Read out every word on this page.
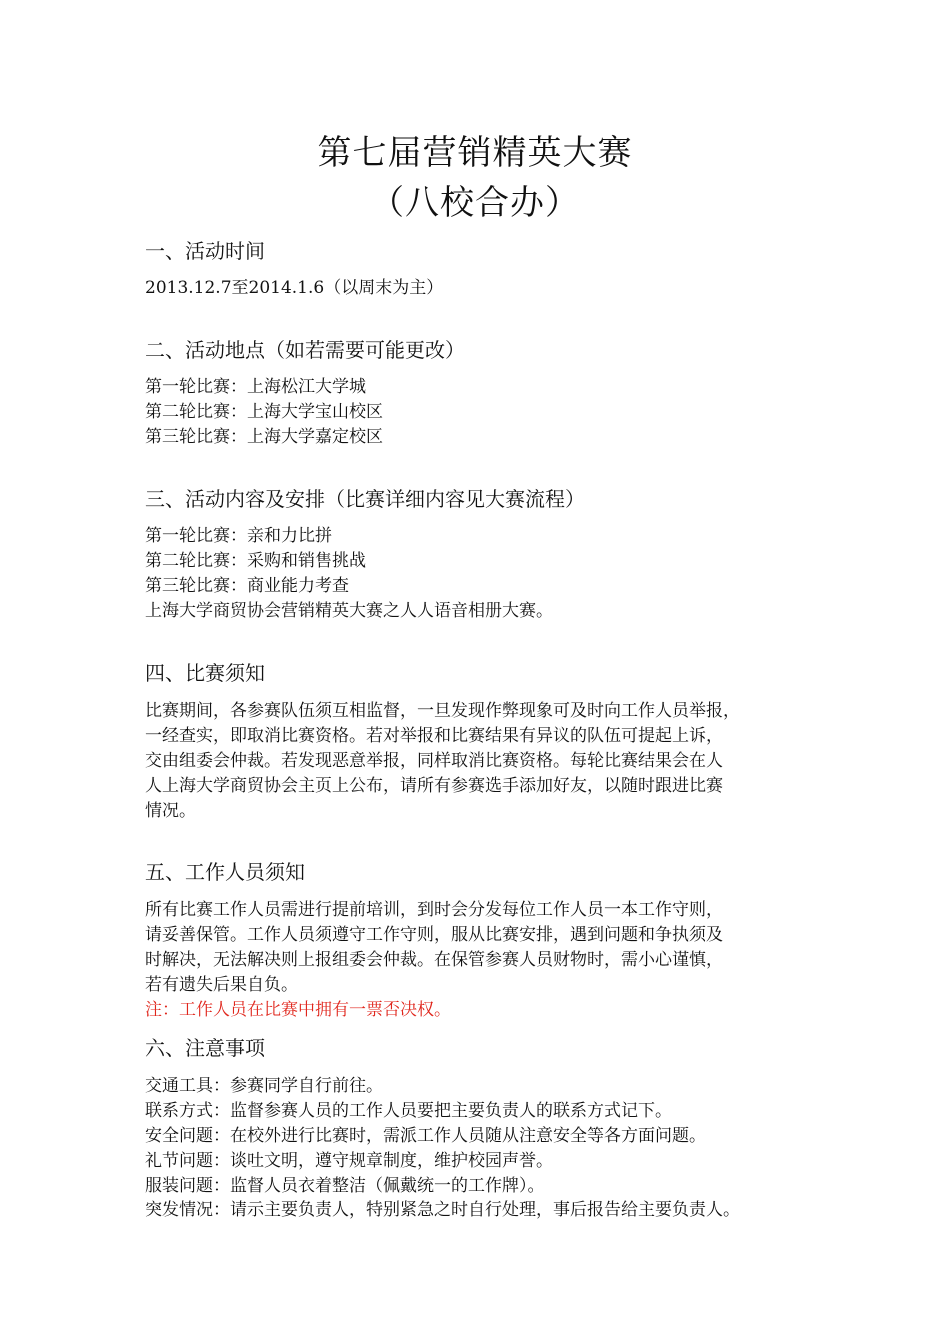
第七届营销精英大赛
（八校合办）
一、活动时间
2013.12.7至2014.1.6（以周末为主）
二、活动地点（如若需要可能更改）
第一轮比赛：上海松江大学城
第二轮比赛：上海大学宝山校区
第三轮比赛：上海大学嘉定校区
三、活动内容及安排（比赛详细内容见大赛流程）
第一轮比赛：亲和力比拼
第二轮比赛：采购和销售挑战
第三轮比赛：商业能力考查
上海大学商贸协会营销精英大赛之人人语音相册大赛。
四、比赛须知
比赛期间，各参赛队伍须互相监督，一旦发现作弊现象可及时向工作人员举报，
一经查实，即取消比赛资格。若对举报和比赛结果有异议的队伍可提起上诉，
交由组委会仲裁。若发现恶意举报，同样取消比赛资格。每轮比赛结果会在人
人上海大学商贸协会主页上公布，请所有参赛选手添加好友，以随时跟进比赛
情况。
五、工作人员须知
所有比赛工作人员需进行提前培训，到时会分发每位工作人员一本工作守则，
请妥善保管。工作人员须遵守工作守则，服从比赛安排，遇到问题和争执须及
时解决，无法解决则上报组委会仲裁。在保管参赛人员财物时，需小心谨慎，
若有遗失后果自负。
注：工作人员在比赛中拥有一票否决权。
六、注意事项
交通工具：参赛同学自行前往。
联系方式：监督参赛人员的工作人员要把主要负责人的联系方式记下。
安全问题：在校外进行比赛时，需派工作人员随从注意安全等各方面问题。
礼节问题：谈吐文明，遵守规章制度，维护校园声誉。
服装问题：监督人员衣着整洁（佩戴统一的工作牌）。
突发情况：请示主要负责人，特别紧急之时自行处理，事后报告给主要负责人。
